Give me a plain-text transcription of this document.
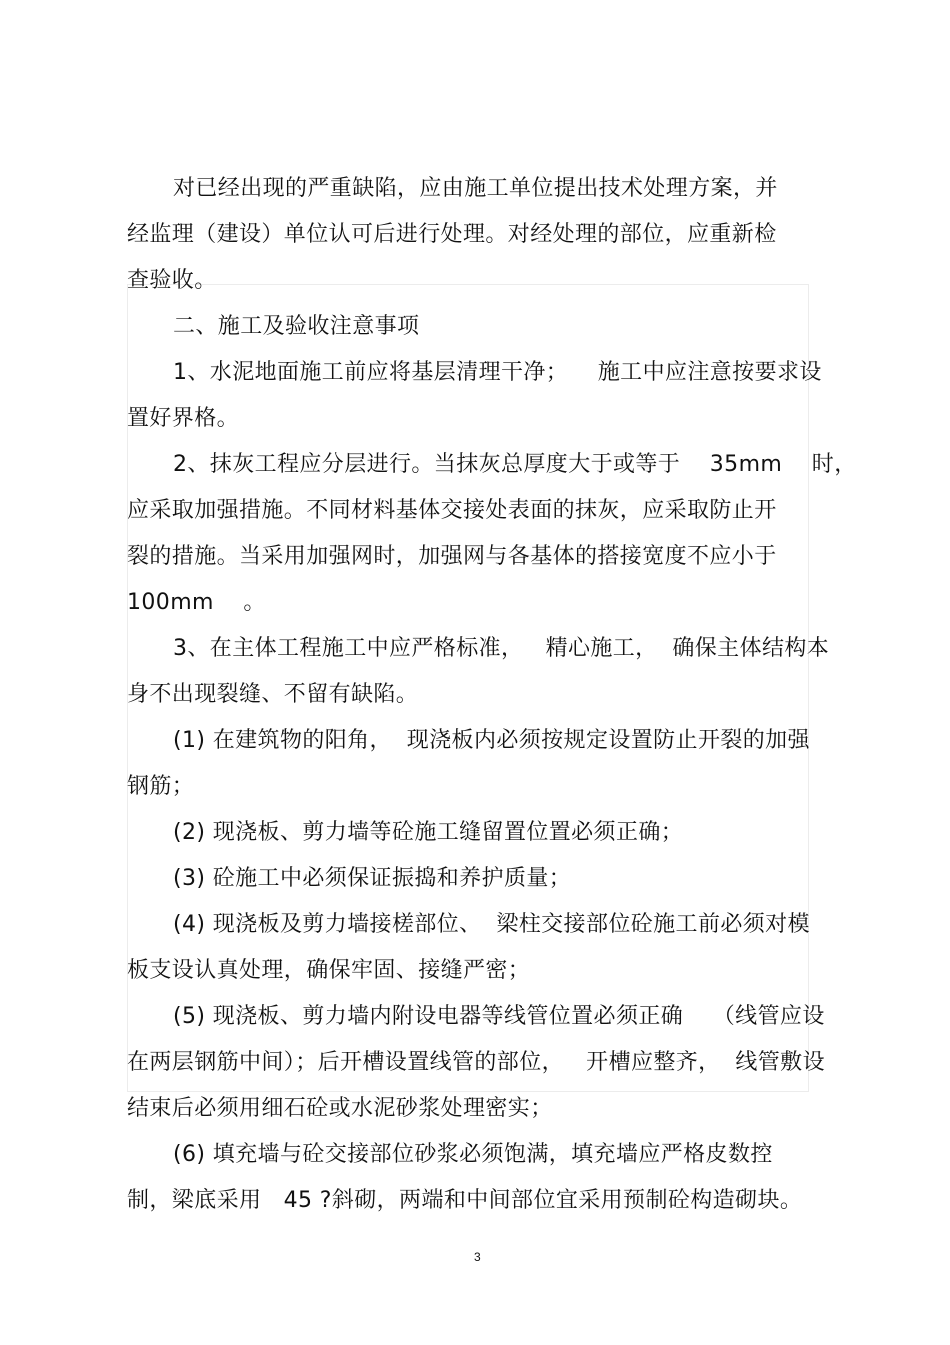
对已经出现的严重缺陷，应由施工单位提出技术处理方案，并
经监理（建设）单位认可后进行处理。对经处理的部位，应重新检
查验收。
二、施工及验收注意事项
1、水泥地面施工前应将基层清理干净；    施工中应注意按要求设
置好界格。
2、抹灰工程应分层进行。当抹灰总厚度大于或等于    35mm    时，
应采取加强措施。不同材料基体交接处表面的抹灰，应采取防止开
裂的措施。当采用加强网时，加强网与各基体的搭接宽度不应小于
100mm    。
3、在主体工程施工中应严格标准，   精心施工，  确保主体结构本
身不出现裂缝、不留有缺陷。
(1) 在建筑物的阳角，  现浇板内必须按规定设置防止开裂的加强
钢筋；
(2) 现浇板、剪力墙等砼施工缝留置位置必须正确；
(3) 砼施工中必须保证振捣和养护质量；
(4) 现浇板及剪力墙接槎部位、  梁柱交接部位砼施工前必须对模
板支设认真处理，确保牢固、接缝严密；
(5) 现浇板、剪力墙内附设电器等线管位置必须正确    （线管应设
在两层钢筋中间）；后开槽设置线管的部位，   开槽应整齐，  线管敷设
结束后必须用细石砼或水泥砂浆处理密实；
(6) 填充墙与砼交接部位砂浆必须饱满，填充墙应严格皮数控
制，梁底采用   45 ?斜砌，两端和中间部位宜采用预制砼构造砌块。
3
